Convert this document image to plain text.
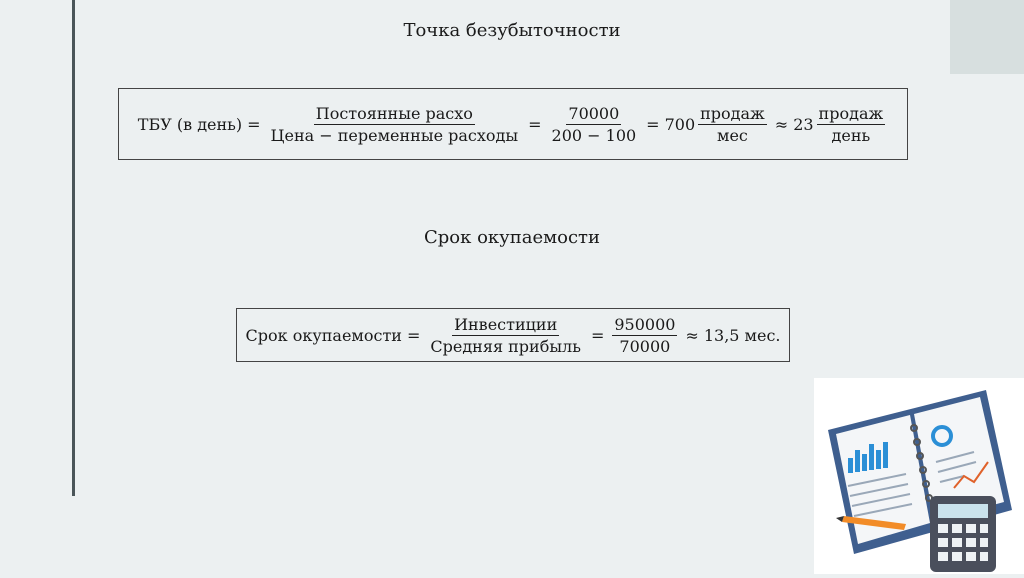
Точка безубыточности
ТБУ (в день) = $\frac{\text{Постоянные расхо}}{\text{Цена − переменные расходы}} = \frac{70000}{200 - 100} = 700 \frac{\text{продаж}}{\text{мес}} \approx 23 \frac{\text{продаж}}{\text{день}}$
Срок окупаемости
Срок окупаемости = $\frac{\text{Инвестиции}}{\text{Средняя прибыль}} = \frac{950000}{70000} \approx 13,5$ мес.
